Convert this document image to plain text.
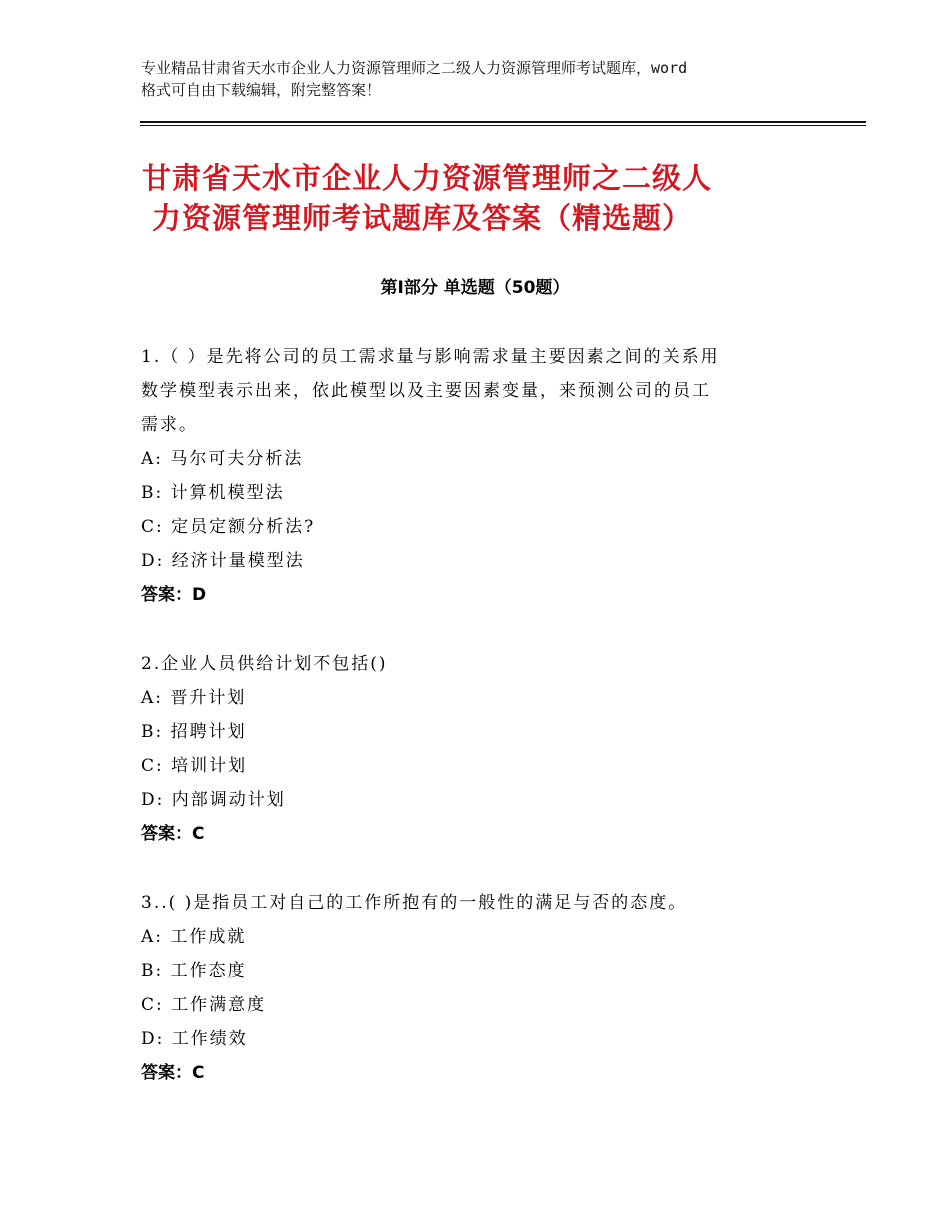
专业精品甘肃省天水市企业人力资源管理师之二级人力资源管理师考试题库，word
格式可自由下载编辑，附完整答案！
甘肃省天水市企业人力资源管理师之二级人
力资源管理师考试题库及答案（精选题）
第Ⅰ部分 单选题（50题）
1.（ ）是先将公司的员工需求量与影响需求量主要因素之间的关系用
数学模型表示出来，依此模型以及主要因素变量，来预测公司的员工
需求。
A: 马尔可夫分析法
B: 计算机模型法
C: 定员定额分析法?
D: 经济计量模型法
答案：D
2.企业人员供给计划不包括()
A: 晋升计划
B: 招聘计划
C: 培训计划
D: 内部调动计划
答案：C
3..( )是指员工对自己的工作所抱有的一般性的满足与否的态度。
A: 工作成就
B: 工作态度
C: 工作满意度
D: 工作绩效
答案：C
